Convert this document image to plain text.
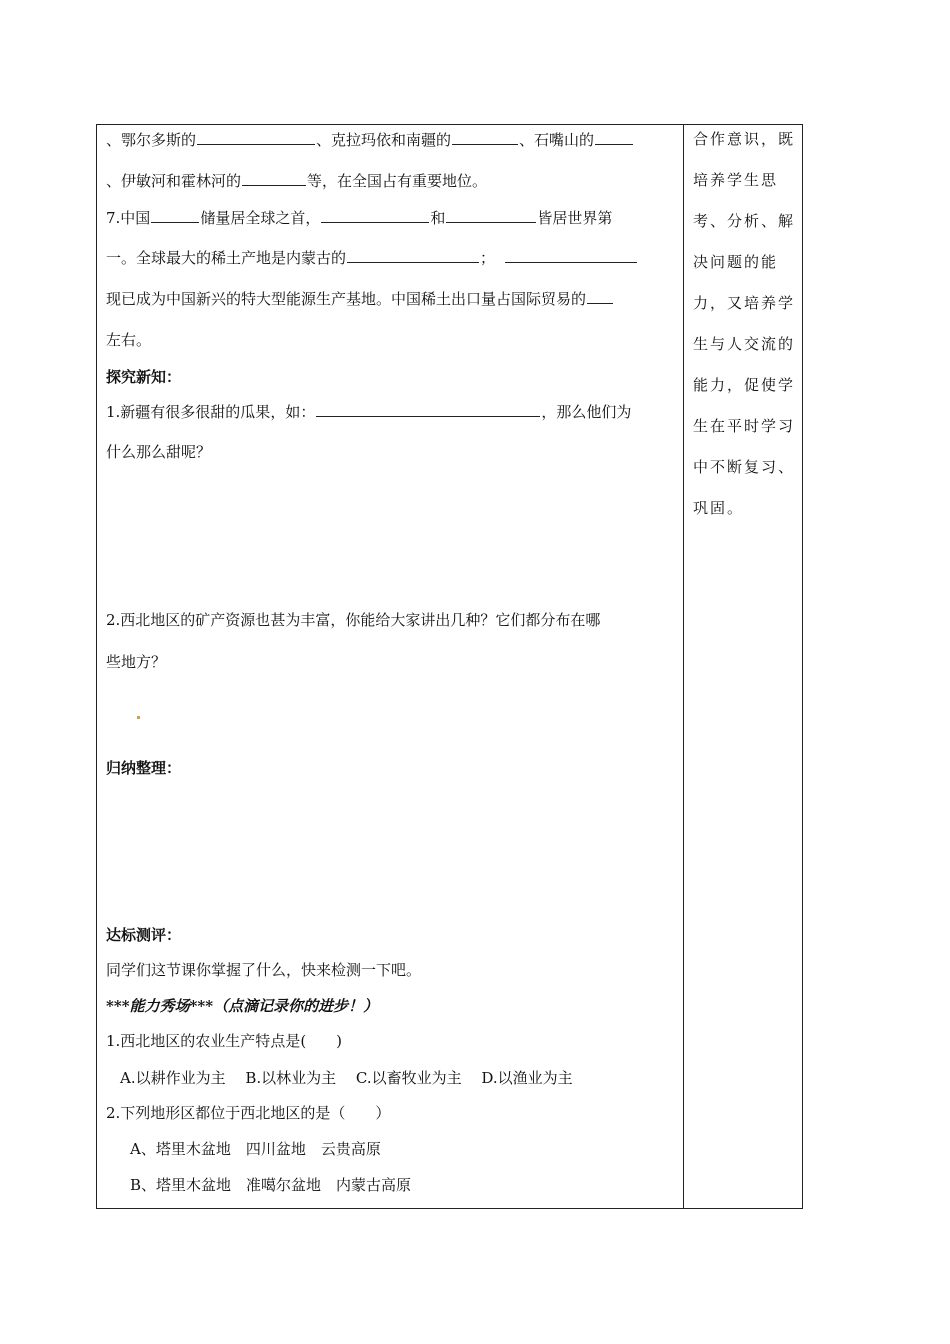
、鄂尔多斯的	、克拉玛依和南疆的	、石嘴山的
、伊敏河和霍林河的	等，在全国占有重要地位。
7.中国	储量居全球之首，	和	皆居世界第
一。全球最大的稀土产地是内蒙古的	；
现已成为中国新兴的特大型能源生产基地。中国稀土出口量占国际贸易的
左右。
探究新知：
1.新疆有很多很甜的瓜果，如：	，那么他们为
什么那么甜呢？
2.西北地区的矿产资源也甚为丰富，你能给大家讲出几种？它们都分布在哪
些地方？
归纳整理：
达标测评：
同学们这节课你掌握了什么，快来检测一下吧。
***能力秀场***（点滴记录你的进步！）
1.西北地区的农业生产特点是(　　)
A.以耕作业为主　 B.以林业为主　 C.以畜牧业为主　 D.以渔业为主
2.下列地形区都位于西北地区的是（　　）
A、塔里木盆地　四川盆地　云贵高原
B、塔里木盆地　准噶尔盆地　内蒙古高原
合作意识，既
培养学生思
考、分析、解
决问题的能
力，又培养学
生与人交流的
能力，促使学
生在平时学习
中不断复习、
巩固。
